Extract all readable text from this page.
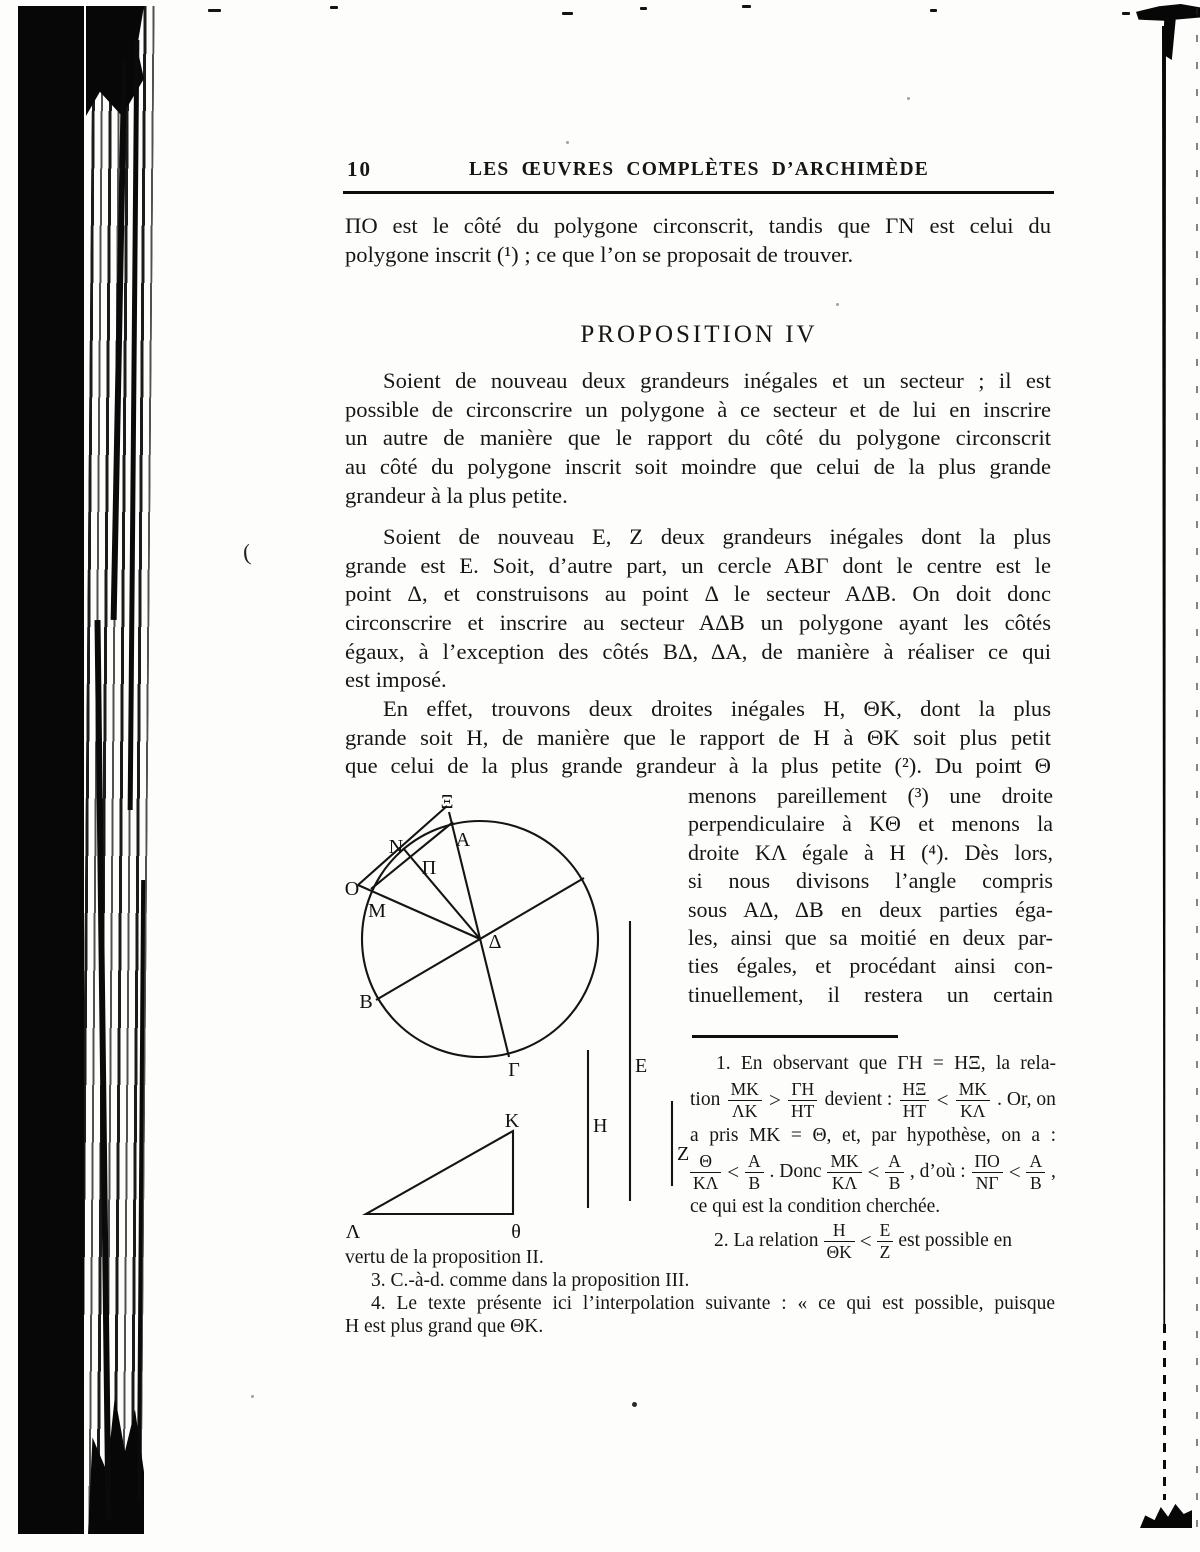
(
10	LES ŒUVRES COMPLÈTES D’ARCHIMÈDE
ΠΟ est le côté du polygone circonscrit, tandis que ΓN est celui du
polygone inscrit (¹) ; ce que l’on se proposait de trouver.
PROPOSITION IV
Soient de nouveau deux grandeurs inégales et un secteur ; il est
possible de circonscrire un polygone à ce secteur et de lui en inscrire
un autre de manière que le rapport du côté du polygone circonscrit
au côté du polygone inscrit soit moindre que celui de la plus grande
grandeur à la plus petite.
Soient de nouveau E, Z deux grandeurs inégales dont la plus
grande est E. Soit, d’autre part, un cercle ABΓ dont le centre est le
point Δ, et construisons au point Δ le secteur AΔB. On doit donc
circonscrire et inscrire au secteur AΔB un polygone ayant les côtés
égaux, à l’exception des côtés BΔ, ΔA, de manière à réaliser ce qui
est imposé.
En effet, trouvons deux droites inégales H, ΘK, dont la plus
grande soit H, de manière que le rapport de H à ΘK soit plus petit
que celui de la plus grande grandeur à la plus petite (²). Du point Θ
menons pareillement (³) une droite
perpendiculaire à KΘ et menons la
droite KΛ égale à H (⁴). Dès lors,
si nous divisons l’angle compris
sous AΔ, ΔB en deux parties éga-
les, ainsi que sa moitié en deux par-
ties égales, et procédant ainsi con-
tinuellement, il restera un certain
Ξ
A
N
Π
O
M
Δ
B
Γ	E
H
Z
K
θ
Λ
1. En observant que ΓH = HΞ, la rela-
tion $\frac{MK}{\Lambda K} > \frac{\Gamma H}{HT}$ devient : $\frac{H\Xi}{HT} < \frac{MK}{K\Lambda}$ . Or, on
a pris MK = Θ, et, par hypothèse, on a :
$\frac{\Theta}{K\Lambda} < \frac{A}{B}$ . Donc $\frac{MK}{K\Lambda} < \frac{A}{B}$ , d’où : $\frac{\Pi O}{N\Gamma} < \frac{A}{B}$ ,
ce qui est la condition cherchée.
2. La relation $\frac{H}{\Theta K} < \frac{E}{Z}$ est possible en
vertu de la proposition II.
3. C.-à-d. comme dans la proposition III.
4. Le texte présente ici l’interpolation suivante : « ce qui est possible, puisque
H est plus grand que ΘK.
